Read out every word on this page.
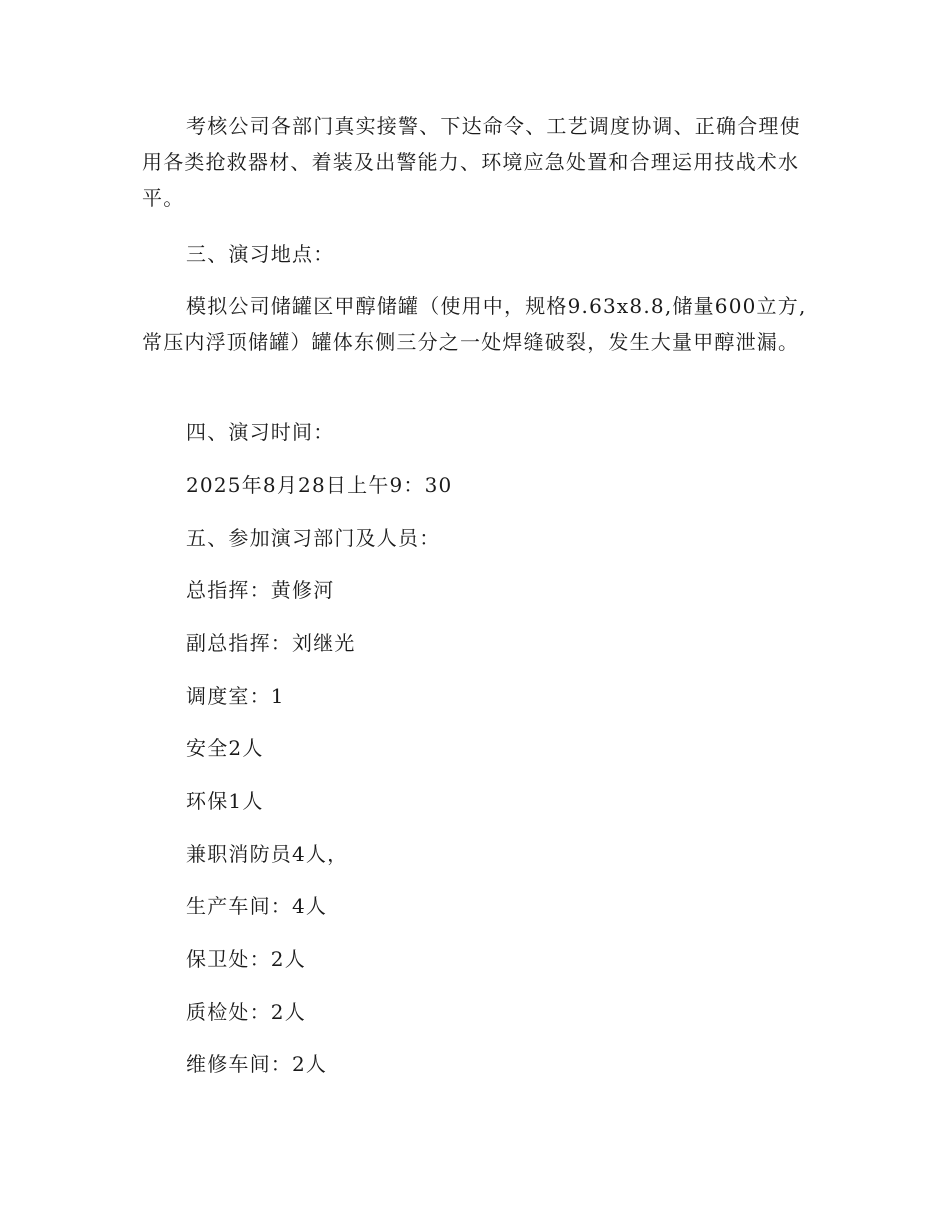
考核公司各部门真实接警、下达命令、工艺调度协调、正确合理使用各类抢救器材、着装及出警能力、环境应急处置和合理运用技战术水平。

三、演习地点：

模拟公司储罐区甲醇储罐（使用中，规格9.63x8.8,储量600立方,常压内浮顶储罐）罐体东侧三分之一处焊缝破裂，发生大量甲醇泄漏。

四、演习时间：

2025年8月28日上午9：30

五、参加演习部门及人员：

总指挥：黄修河

副总指挥：刘继光

调度室：1

安全2人

环保1人

兼职消防员4人，

生产车间：4人

保卫处：2人

质检处：2人

维修车间：2人
